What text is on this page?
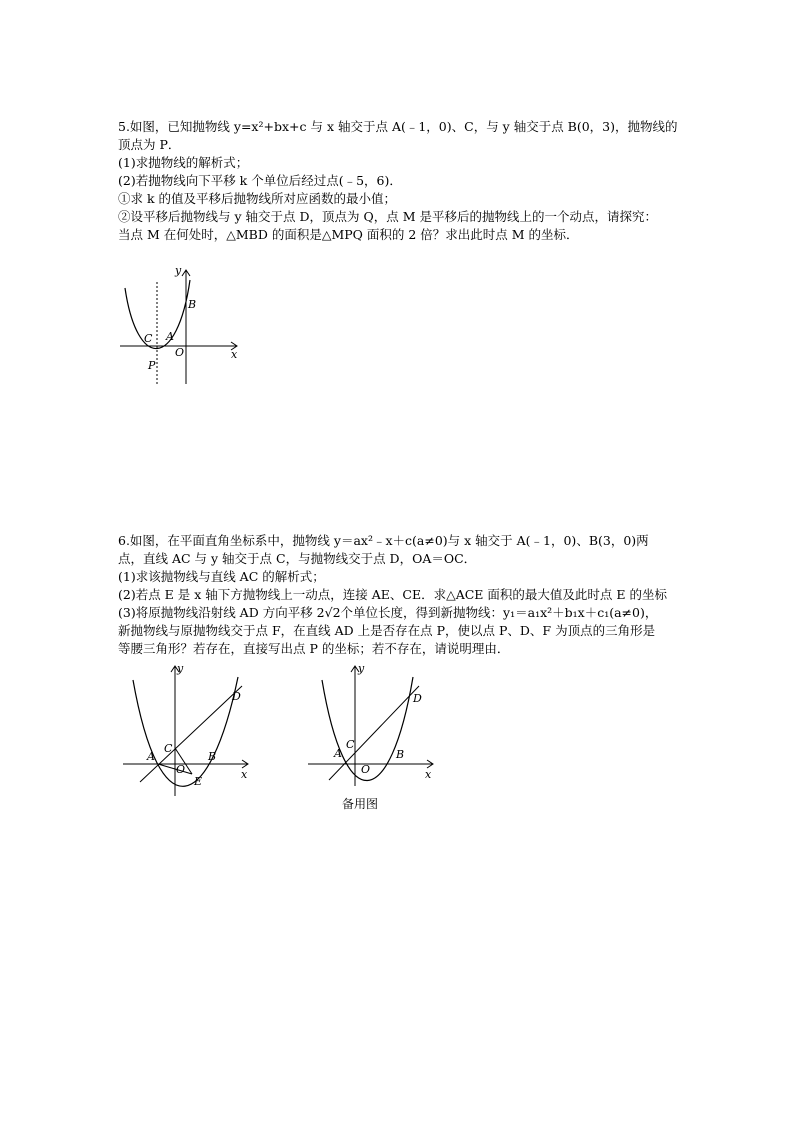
5.如图，已知抛物线 y=x²+bx+c 与 x 轴交于点 A(﹣1，0)、C，与 y 轴交于点 B(0，3)，抛物线的
顶点为 P．
(1)求抛物线的解析式；
(2)若抛物线向下平移 k 个单位后经过点(﹣5，6)．
①求 k 的值及平移后抛物线所对应函数的最小值；
②设平移后抛物线与 y 轴交于点 D，顶点为 Q，点 M 是平移后的抛物线上的一个动点，请探究：
当点 M 在何处时，△MBD 的面积是△MPQ 面积的 2 倍？求出此时点 M 的坐标．
y
x
B
C A
O
P
6.如图，在平面直角坐标系中，抛物线 y＝ax²﹣x＋c(a≠0)与 x 轴交于 A(﹣1，0)、B(3，0)两
点，直线 AC 与 y 轴交于点 C，与抛物线交于点 D，OA＝OC．
(1)求该抛物线与直线 AC 的解析式；
(2)若点 E 是 x 轴下方抛物线上一动点，连接 AE、CE．求△ACE 面积的最大值及此时点 E 的坐标
(3)将原抛物线沿射线 AD 方向平移 2√2个单位长度，得到新抛物线：y₁＝a₁x²＋b₁x＋c₁(a≠0)，
新抛物线与原抛物线交于点 F，在直线 AD 上是否存在点 P，使以点 P、D、F 为顶点的三角形是
等腰三角形？若存在，直接写出点 P 的坐标；若不存在，请说明理由．
y
x
D
C
A
O
B
E
y
x
D
A
C
O
B
备用图
